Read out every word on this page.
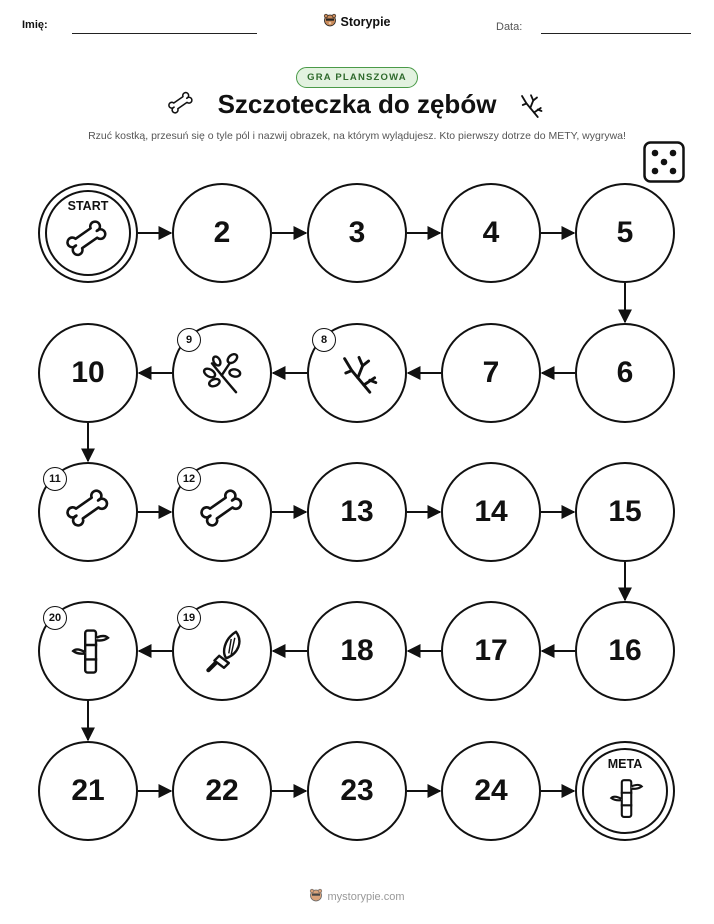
Imię:	Storypie	Data:
GRA PLANSZOWA
Szczoteczka do zębów
Rzuć kostką, przesuń się o tyle pól i nazwij obrazek, na którym wylądujesz. Kto pierwszy dotrze do METY, wygrywa!
START
2	3	4	5
6
7
8
9
10
11	12
13	14	15
16
17
18
19
20
21	22	23	24
META
mystorypie.com
